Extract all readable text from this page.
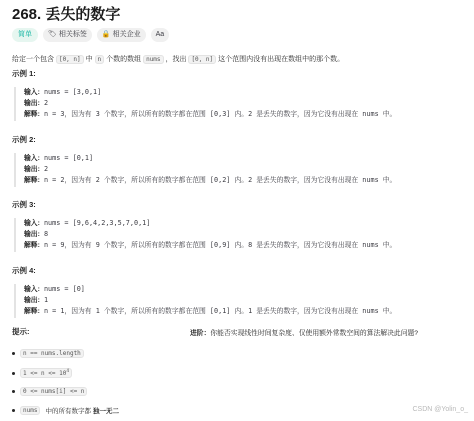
268. 丢失的数字
简单	🏷 相关标签 🔒 相关企业 Aa
给定一个包含 [0, n] 中 n 个数的数组 nums ，找出 [0, n] 这个范围内没有出现在数组中的那个数。
示例 1:
输入: nums = [3,0,1]
输出: 2
解释: n = 3，因为有 3 个数字，所以所有的数字都在范围 [0,3] 内。2 是丢失的数字，因为它没有出现在 nums 中。
示例 2:
输入: nums = [0,1]
输出: 2
解释: n = 2，因为有 2 个数字，所以所有的数字都在范围 [0,2] 内。2 是丢失的数字，因为它没有出现在 nums 中。
示例 3:
输入: nums = [9,6,4,2,3,5,7,0,1]
输出: 8
解释: n = 9，因为有 9 个数字，所以所有的数字都在范围 [0,9] 内。8 是丢失的数字，因为它没有出现在 nums 中。
示例 4:
输入: nums = [0]
输出: 1
解释: n = 1，因为有 1 个数字，所以所有的数字都在范围 [0,1] 内。1 是丢失的数字，因为它没有出现在 nums 中。
提示:	进阶：你能否实现线性时间复杂度、仅使用额外常数空间的算法解决此问题?
n == nums.length
$1 <= n <= 10^4$
0 <= nums[i] <= n
nums	中的所有数字都 独一无二	CSDN @Yolin_o_
